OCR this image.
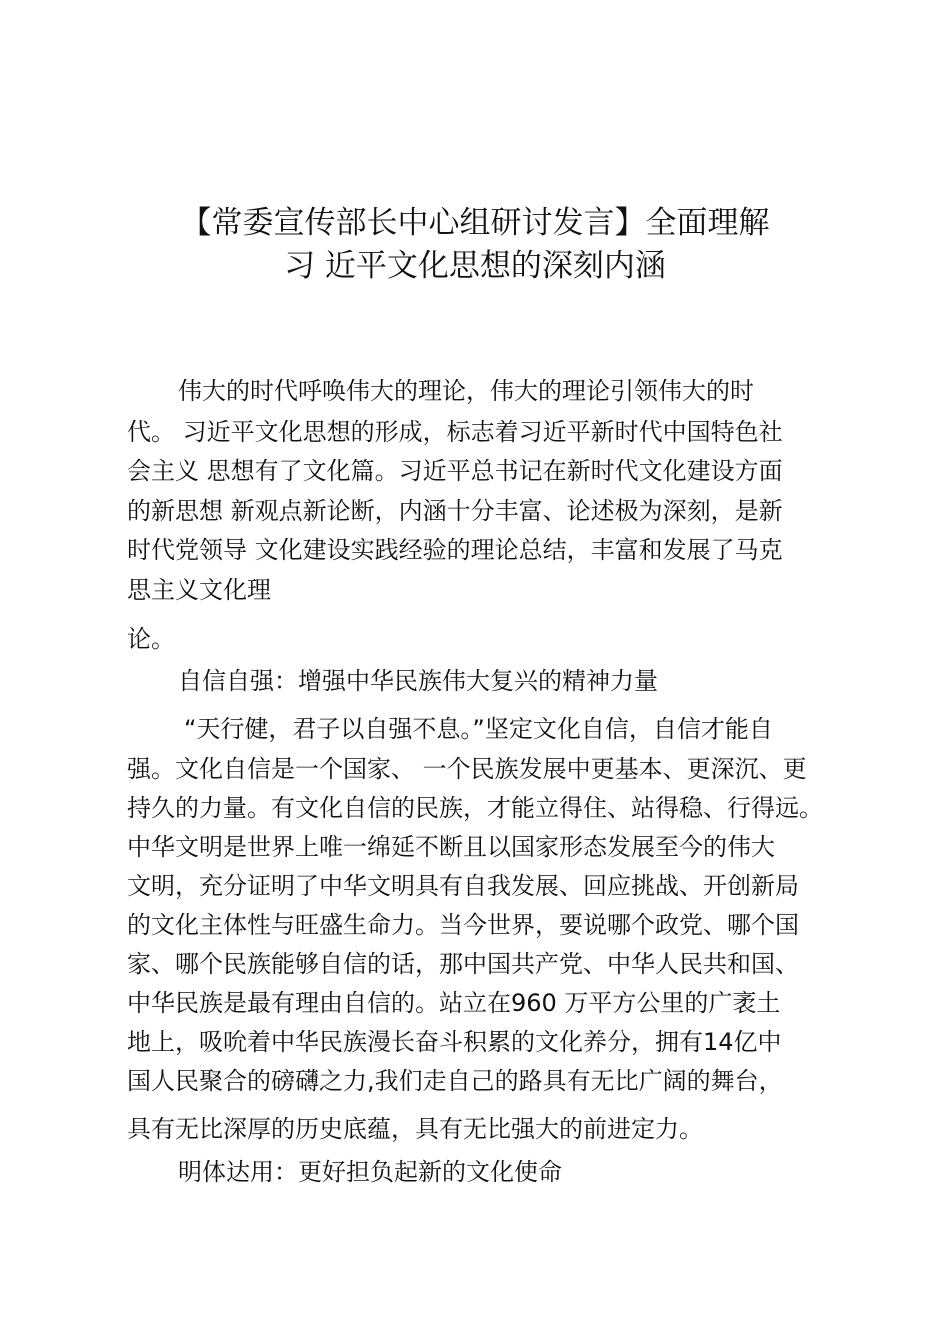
【常委宣传部长中心组研讨发言】全面理解
习 近平文化思想的深刻内涵

伟大的时代呼唤伟大的理论，伟大的理论引领伟大的时

代。 习近平文化思想的形成，标志着习近平新时代中国特色社

会主义 思想有了文化篇。习近平总书记在新时代文化建设方面

的新思想 新观点新论断，内涵十分丰富、论述极为深刻，是新

时代党领导 文化建设实践经验的理论总结，丰富和发展了马克

思主义文化理

论。

自信自强：增强中华民族伟大复兴的精神力量

“天行健，君子以自强不息。”坚定文化自信，自信才能自

强。文化自信是一个国家、 一个民族发展中更基本、更深沉、更

持久的力量。有文化自信的民族，才能立得住、站得稳、行得远。

中华文明是世界上唯一绵延不断且以国家形态发展至今的伟大

文明，充分证明了中华文明具有自我发展、回应挑战、开创新局

的文化主体性与旺盛生命力。当今世界，要说哪个政党、哪个国

家、哪个民族能够自信的话，那中国共产党、中华人民共和国、

中华民族是最有理由自信的。站立在960 万平方公里的广袤土

地上，吸吮着中华民族漫长奋斗积累的文化养分，拥有14亿中

国人民聚合的磅礴之力,我们走自己的路具有无比广阔的舞台，

具有无比深厚的历史底蕴，具有无比强大的前进定力。

明体达用：更好担负起新的文化使命
